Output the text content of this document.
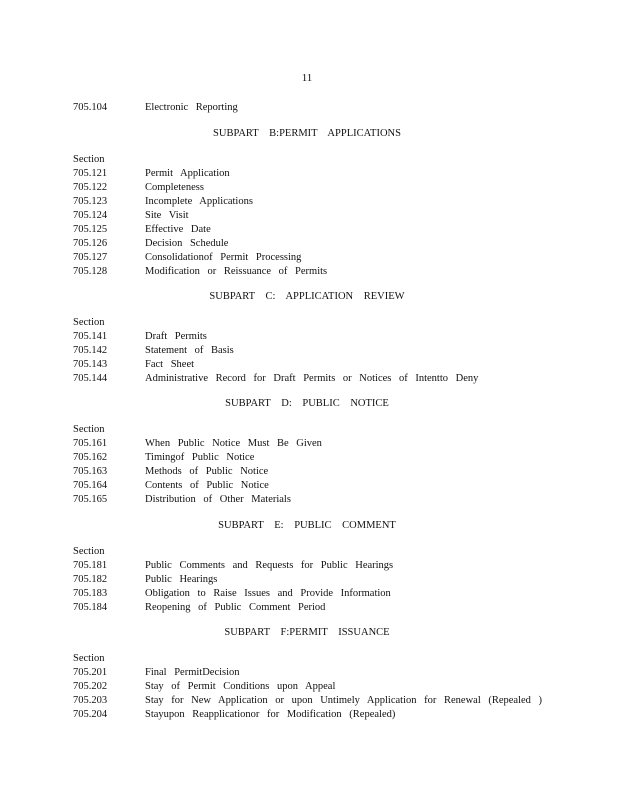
11
705.104	Electronic Reporting
SUBPART B:PERMIT APPLICATIONS
Section
705.121	Permit Application
705.122	Completeness
705.123	Incomplete Applications
705.124	Site Visit
705.125	Effective Date
705.126	Decision Schedule
705.127	Consolidationof Permit Processing
705.128	Modification or Reissuance of Permits
SUBPART C: APPLICATION REVIEW
Section
705.141	Draft Permits
705.142	Statement of Basis
705.143	Fact Sheet
705.144	Administrative Record for Draft Permits or Notices of Intentto Deny
SUBPART D: PUBLIC NOTICE
Section
705.161	When Public Notice Must Be Given
705.162	Timingof Public Notice
705.163	Methods of Public Notice
705.164	Contents of Public Notice
705.165	Distribution of Other Materials
SUBPART E: PUBLIC COMMENT
Section
705.181	Public Comments and Requests for Public Hearings
705.182	Public Hearings
705.183	Obligation to Raise Issues and Provide Information
705.184	Reopening of Public Comment Period
SUBPART F:PERMIT ISSUANCE
Section
705.201	Final PermitDecision
705.202	Stay of Permit Conditions upon Appeal
705.203	Stay for New Application or upon Untimely Application for Renewal (Repealed )
705.204	Stayupon Reapplicationor for Modification (Repealed)
